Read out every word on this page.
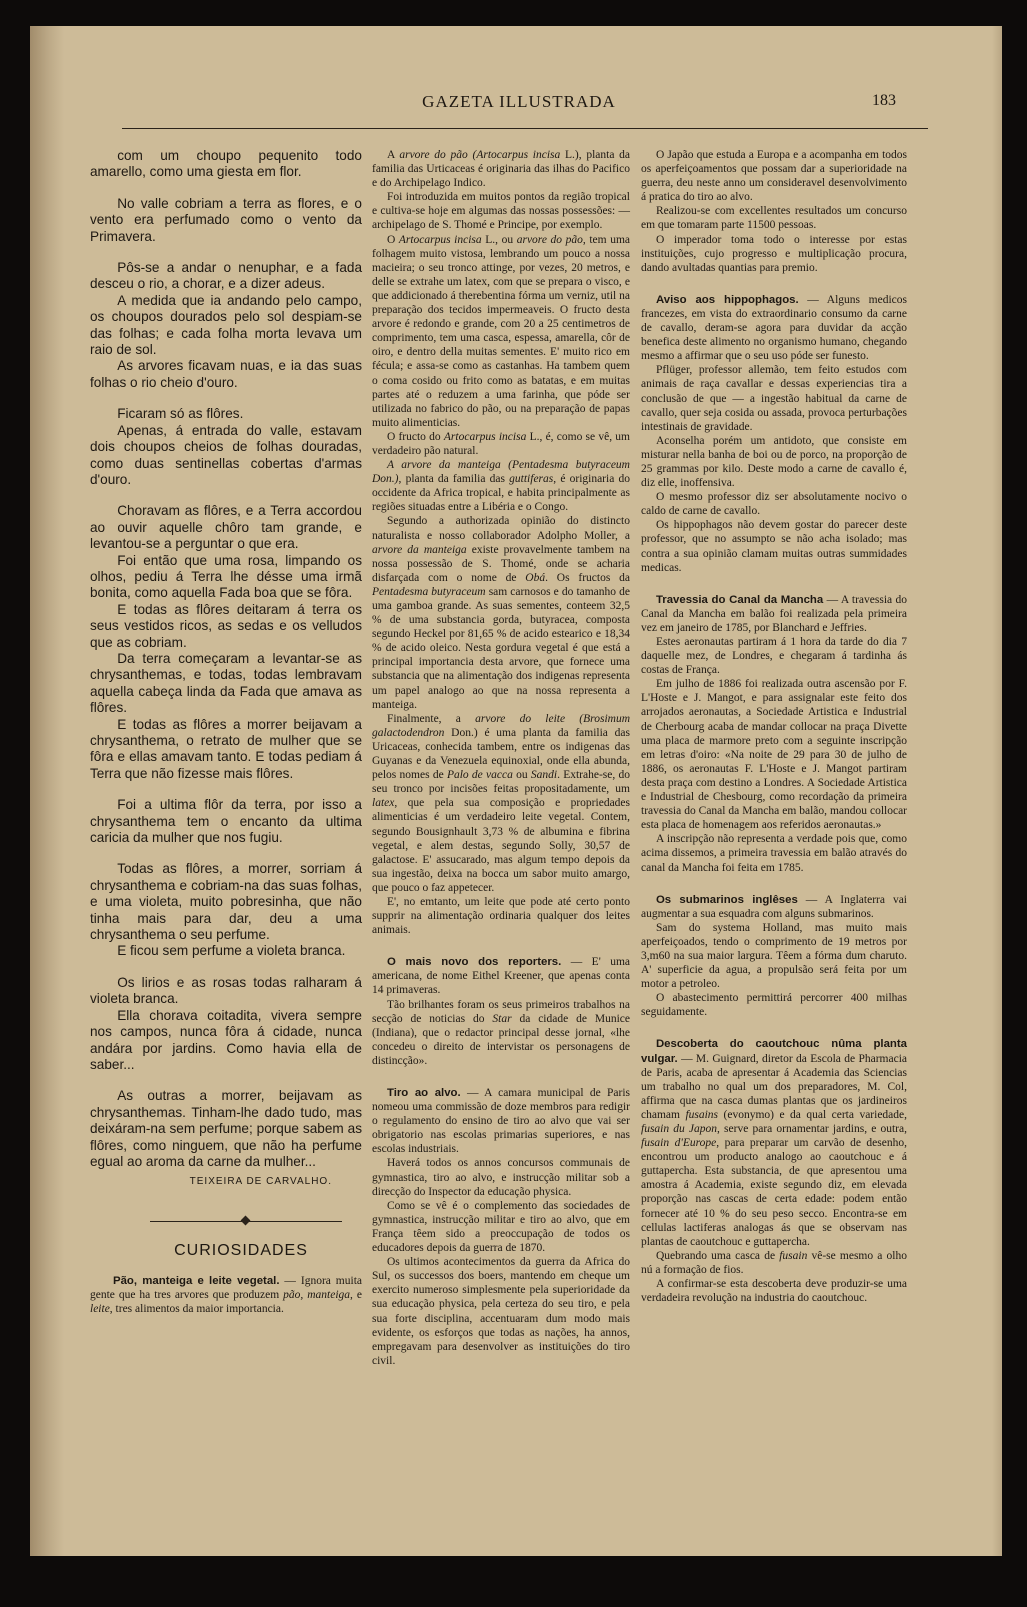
GAZETA ILLUSTRADA	183

com um choupo pequenito todo amarello, como uma giesta em flor.

No valle cobriam a terra as flores, e o vento era perfumado como o vento da Primavera.

Pôs-se a andar o nenuphar, e a fada desceu o rio, a chorar, e a dizer adeus.

A medida que ia andando pelo campo, os choupos dourados pelo sol despiam-se das folhas; e cada folha morta levava um raio de sol.

As arvores ficavam nuas, e ia das suas folhas o rio cheio d'ouro.

Ficaram só as flôres.

Apenas, á entrada do valle, estavam dois choupos cheios de folhas douradas, como duas sentinellas cobertas d'armas d'ouro.

Choravam as flôres, e a Terra accordou ao ouvir aquelle chôro tam grande, e levantou-se a perguntar o que era.

Foi então que uma rosa, limpando os olhos, pediu á Terra lhe désse uma irmã bonita, como aquella Fada boa que se fôra.

E todas as flôres deitaram á terra os seus vestidos ricos, as sedas e os velludos que as cobriam.

Da terra começaram a levantar-se as chrysanthemas, e todas, todas lembravam aquella cabeça linda da Fada que amava as flôres.

E todas as flôres a morrer beijavam a chrysanthema, o retrato de mulher que se fôra e ellas amavam tanto. E todas pediam á Terra que não fizesse mais flôres.

Foi a ultima flôr da terra, por isso a chrysanthema tem o encanto da ultima caricia da mulher que nos fugiu.

Todas as flôres, a morrer, sorriam á chrysanthema e cobriam-na das suas folhas, e uma violeta, muito pobresinha, que não tinha mais para dar, deu a uma chrysanthema o seu perfume.

E ficou sem perfume a violeta branca.

Os lirios e as rosas todas ralharam á violeta branca.

Ella chorava coitadita, vivera sempre nos campos, nunca fôra á cidade, nunca andára por jardins. Como havia ella de saber...

As outras a morrer, beijavam as chrysanthemas. Tinham-lhe dado tudo, mas deixáram-na sem perfume; porque sabem as flôres, como ninguem, que não ha perfume egual ao aroma da carne da mulher...

TEIXEIRA DE CARVALHO.
CURIOSIDADES

Pão, manteiga e leite vegetal. — Ignora muita gente que ha tres arvores que produzem pão, manteiga, e leite, tres alimentos da maior importancia.

A arvore do pão (Artocarpus incisa L.), planta da familia das Urticaceas é originaria das ilhas do Pacifico e do Archipelago Indico.

Foi introduzida em muitos pontos da região tropical e cultiva-se hoje em algumas das nossas possessões: — archipelago de S. Thomé e Principe, por exemplo.

O Artocarpus incisa L., ou arvore do pão, tem uma folhagem muito vistosa, lembrando um pouco a nossa macieira; o seu tronco attinge, por vezes, 20 metros, e delle se extrahe um latex, com que se prepara o visco, e que addicionado á therebentina fórma um verniz, util na preparação dos tecidos impermeaveis. O fructo desta arvore é redondo e grande, com 20 a 25 centimetros de comprimento, tem uma casca, espessa, amarella, côr de oiro, e dentro della muitas sementes. E' muito rico em fécula; e assa-se como as castanhas. Ha tambem quem o coma cosido ou frito como as batatas, e em muitas partes até o reduzem a uma farinha, que póde ser utilizada no fabrico do pão, ou na preparação de papas muito alimenticias.

O fructo do Artocarpus incisa L., é, como se vê, um verdadeiro pão natural.

A arvore da manteiga (Pentadesma butyraceum Don.), planta da familia das guttiferas, é originaria do occidente da Africa tropical, e habita principalmente as regiões situadas entre a Libéria e o Congo.

Segundo a authorizada opinião do distincto naturalista e nosso collaborador Adolpho Moller, a arvore da manteiga existe provavelmente tambem na nossa possessão de S. Thomé, onde se acharia disfarçada com o nome de Obá. Os fructos da Pentadesma butyraceum sam carnosos e do tamanho de uma gamboa grande. As suas sementes, conteem 32,5 % de uma substancia gorda, butyracea, composta segundo Heckel por 81,65 % de acido estearico e 18,34 % de acido oleico. Nesta gordura vegetal é que está a principal importancia desta arvore, que fornece uma substancia que na alimentação dos indigenas representa um papel analogo ao que na nossa representa a manteiga.

Finalmente, a arvore do leite (Brosimum galactodendron Don.) é uma planta da familia das Uricaceas, conhecida tambem, entre os indigenas das Guyanas e da Venezuela equinoxial, onde ella abunda, pelos nomes de Palo de vacca ou Sandi. Extrahe-se, do seu tronco por incisões feitas propositadamente, um latex, que pela sua composição e propriedades alimenticias é um verdadeiro leite vegetal. Contem, segundo Bousignhault 3,73 % de albumina e fibrina vegetal, e alem destas, segundo Solly, 30,57 de galactose. E' assucarado, mas algum tempo depois da sua ingestão, deixa na bocca um sabor muito amargo, que pouco o faz appetecer.

E', no emtanto, um leite que pode até certo ponto supprir na alimentação ordinaria qualquer dos leites animais.

O mais novo dos reporters. — E' uma americana, de nome Eithel Kreener, que apenas conta 14 primaveras.

Tão brilhantes foram os seus primeiros trabalhos na secção de noticias do Star da cidade de Munice (Indiana), que o redactor principal desse jornal, «lhe concedeu o direito de intervistar os personagens de distincção».

Tiro ao alvo. — A camara municipal de Paris nomeou uma commissão de doze membros para redigir o regulamento do ensino de tiro ao alvo que vai ser obrigatorio nas escolas primarias superiores, e nas escolas industriais.

Haverá todos os annos concursos communais de gymnastica, tiro ao alvo, e instrucção militar sob a direcção do Inspector da educação physica.

Como se vê é o complemento das sociedades de gymnastica, instrucção militar e tiro ao alvo, que em França têem sido a preoccupação de todos os educadores depois da guerra de 1870.

Os ultimos acontecimentos da guerra da Africa do Sul, os successos dos boers, mantendo em cheque um exercito numeroso simplesmente pela superioridade da sua educação physica, pela certeza do seu tiro, e pela sua forte disciplina, accentuaram dum modo mais evidente, os esforços que todas as nações, ha annos, empregavam para desenvolver as instituições do tiro civil.

O Japão que estuda a Europa e a acompanha em todos os aperfeiçoamentos que possam dar a superioridade na guerra, deu neste anno um consideravel desenvolvimento á pratica do tiro ao alvo.

Realizou-se com excellentes resultados um concurso em que tomaram parte 11500 pessoas.

O imperador toma todo o interesse por estas instituições, cujo progresso e multiplicação procura, dando avultadas quantias para premio.

Aviso aos hippophagos. — Alguns medicos francezes, em vista do extraordinario consumo da carne de cavallo, deram-se agora para duvidar da acção benefica deste alimento no organismo humano, chegando mesmo a affirmar que o seu uso póde ser funesto.

Pflüger, professor allemão, tem feito estudos com animais de raça cavallar e dessas experiencias tira a conclusão de que — a ingestão habitual da carne de cavallo, quer seja cosida ou assada, provoca perturbações intestinais de gravidade.

Aconselha porém um antidoto, que consiste em misturar nella banha de boi ou de porco, na proporção de 25 grammas por kilo. Deste modo a carne de cavallo é, diz elle, inoffensiva.

O mesmo professor diz ser absolutamente nocivo o caldo de carne de cavallo.

Os hippophagos não devem gostar do parecer deste professor, que no assumpto se não acha isolado; mas contra a sua opinião clamam muitas outras summidades medicas.

Travessia do Canal da Mancha — A travessia do Canal da Mancha em balão foi realizada pela primeira vez em janeiro de 1785, por Blanchard e Jeffries.

Estes aeronautas partiram á 1 hora da tarde do dia 7 daquelle mez, de Londres, e chegaram á tardinha ás costas de França.

Em julho de 1886 foi realizada outra ascensão por F. L'Hoste e J. Mangot, e para assignalar este feito dos arrojados aeronautas, a Sociedade Artistica e Industrial de Cherbourg acaba de mandar collocar na praça Divette uma placa de marmore preto com a seguinte inscripção em letras d'oiro: «Na noite de 29 para 30 de julho de 1886, os aeronautas F. L'Hoste e J. Mangot partiram desta praça com destino a Londres. A Sociedade Artistica e Industrial de Chesbourg, como recordação da primeira travessia do Canal da Mancha em balão, mandou collocar esta placa de homenagem aos referidos aeronautas.»

A inscripção não representa a verdade pois que, como acima dissemos, a primeira travessia em balão através do canal da Mancha foi feita em 1785.

Os submarinos inglêses — A Inglaterra vai augmentar a sua esquadra com alguns submarinos.

Sam do systema Holland, mas muito mais aperfeiçoados, tendo o comprimento de 19 metros por 3,m60 na sua maior largura. Têem a fórma dum charuto. A' superficie da agua, a propulsão será feita por um motor a petroleo.

O abastecimento permittirá percorrer 400 milhas seguidamente.

Descoberta do caoutchouc nûma planta vulgar. — M. Guignard, diretor da Escola de Pharmacia de Paris, acaba de apresentar á Academia das Sciencias um trabalho no qual um dos preparadores, M. Col, affirma que na casca dumas plantas que os jardineiros chamam fusains (evonymo) e da qual certa variedade, fusain du Japon, serve para ornamentar jardins, e outra, fusain d'Europe, para preparar um carvão de desenho, encontrou um producto analogo ao caoutchouc e á guttapercha. Esta substancia, de que apresentou uma amostra á Academia, existe segundo diz, em elevada proporção nas cascas de certa edade: podem então fornecer até 10 % do seu peso secco. Encontra-se em cellulas lactiferas analogas ás que se observam nas plantas de caoutchouc e guttapercha.

Quebrando uma casca de fusain vê-se mesmo a olho nú a formação de fios.

A confirmar-se esta descoberta deve produzir-se uma verdadeira revolução na industria do caoutchouc.
